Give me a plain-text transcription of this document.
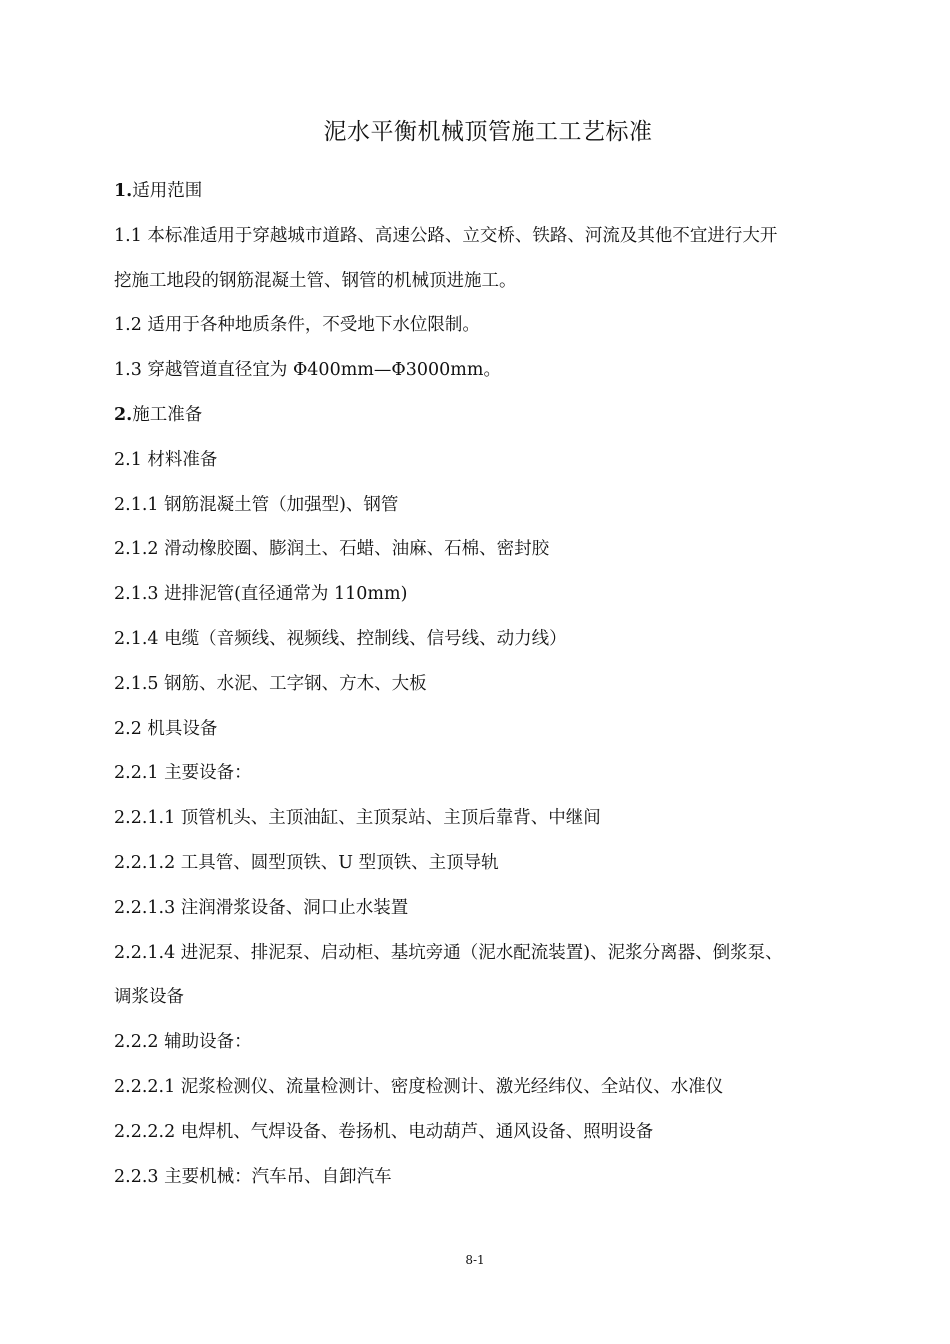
泥水平衡机械顶管施工工艺标准

1.适用范围

1.1 本标准适用于穿越城市道路、高速公路、立交桥、铁路、河流及其他不宜进行大开

挖施工地段的钢筋混凝土管、钢管的机械顶进施工。

1.2 适用于各种地质条件，不受地下水位限制。

1.3 穿越管道直径宜为 Φ400mm—Φ3000mm。

2.施工准备

2.1 材料准备

2.1.1 钢筋混凝土管（加强型)、钢管

2.1.2 滑动橡胶圈、膨润土、石蜡、油麻、石棉、密封胶

2.1.3 进排泥管(直径通常为 110mm)

2.1.4 电缆（音频线、视频线、控制线、信号线、动力线）

2.1.5 钢筋、水泥、工字钢、方木、大板

2.2 机具设备

2.2.1 主要设备：

2.2.1.1 顶管机头、主顶油缸、主顶泵站、主顶后靠背、中继间

2.2.1.2 工具管、圆型顶铁、U 型顶铁、主顶导轨

2.2.1.3 注润滑浆设备、洞口止水装置

2.2.1.4 进泥泵、排泥泵、启动柜、基坑旁通（泥水配流装置)、泥浆分离器、倒浆泵、

调浆设备

2.2.2 辅助设备：

2.2.2.1 泥浆检测仪、流量检测计、密度检测计、激光经纬仪、全站仪、水准仪

2.2.2.2 电焊机、气焊设备、卷扬机、电动葫芦、通风设备、照明设备

2.2.3 主要机械：汽车吊、自卸汽车

8-1
